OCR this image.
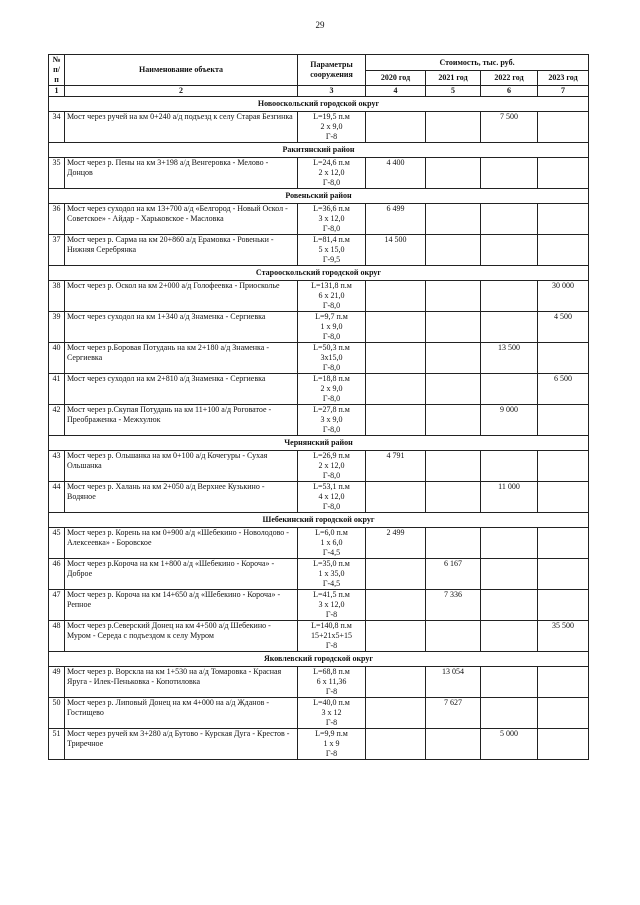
29
№ п/п	Наименование объекта	Параметры сооружения	Стоимость, тыс. руб.			
			2020 год	2021 год	2022 год	2023 год
1	2	3	4	5	6	7
Новооскольский городской округ						
34	Мост через ручей на км 0+240 а/д подъезд к селу Старая Безгинка	L=19,5 п.м
2 х 9,0
Г-8			7 500	
Ракитянский район						
35	Мост через р. Пены на км 3+198 а/д Венгеровка - Мелово - Донцов	L=24,6 п.м
2 х 12,0
Г-8,0	4 400			
Ровеньский район						
36	Мост через суходол на км 13+700 а/д «Белгород - Новый Оскол - Советское» - Айдар - Харьковское - Масловка	L=36,6 п.м
3 х 12,0
Г-8,0	6 499			
37	Мост через р. Сарма на км 20+860 а/д Ерамовка - Ровеньки - Нижняя Серебрянка	L=81,4 п.м
5 х 15,0
Г-9,5	14 500			
Старооскольский городской округ						
38	Мост через р. Оскол на км 2+000 а/д Голофеевка - Приосколье	L=131,8 п.м
6 х 21,0
Г-8,0				30 000
39	Мост через суходол на км 1+340 а/д Знаменка - Сергиевка	L=9,7 п.м
1 х 9,0
Г-8,0				4 500
40	Мост через р.Боровая Потудань на км 2+180 а/д Знаменка - Сергиевка	L=50,3 п.м
3х15,0
Г-8,0			13 500	
41	Мост через суходол на км 2+810 а/д Знаменка - Сергиевка	L=18,8 п.м
2 х 9,0
Г-8,0				6 500
42	Мост через р.Скупая Потудань на км 11+100 а/д Роговатое - Преображенка - Межхулюк	L=27,8 п.м
3 х 9,0
Г-8,0			9 000	
Чернянский район						
43	Мост через р. Ольшанка на км 0+100 а/д Кочегуры - Сухая Ольшанка	L=26,9 п.м
2 х 12,0
Г-8,0	4 791			
44	Мост через р. Халань на км 2+050 а/д Верхнее Кузькино - Водяное	L=53,1 п.м
4 х 12,0
Г-8,0			11 000	
Шебекинский городской округ						
45	Мост через р. Корень на км 0+900 а/д «Шебекино - Новолодово - Алексеевка» - Боровское	L=6,0 п.м
1 х 6,0
Г-4,5	2 499			
46	Мост через р.Короча на км 1+800 а/д «Шебекино - Короча» - Доброе	L=35,0 п.м
1 х 35,0
Г-4,5		6 167		
47	Мост через р. Короча на км 14+650 а/д «Шебекино - Короча» - Репное	L=41,5 п.м
3 х 12,0
Г-8		7 336		
48	Мост через р.Северский Донец на км 4+500 а/д Шебекино - Муром - Середа с подъездом к селу Муром	L=140,8 п.м
15+21х5+15
Г-8				35 500
Яковлевский городской округ						
49	Мост через р. Ворскла на км 1+530 на а/д Томаровка - Красная Яруга - Илек-Пеньковка - Копотиловка	L=68,8 п.м
6 х 11,36
Г-8		13 054		
50	Мост через р. Липовый Донец на км 4+000 на а/д Жданов - Гостищево	L=40,0 п.м
3 х 12
Г-8		7 627		
51	Мост через ручей км 3+280 а/д Бутово - Курская Дуга - Крестов - Триречное	L=9,9 п.м
1 х 9
Г-8			5 000	
